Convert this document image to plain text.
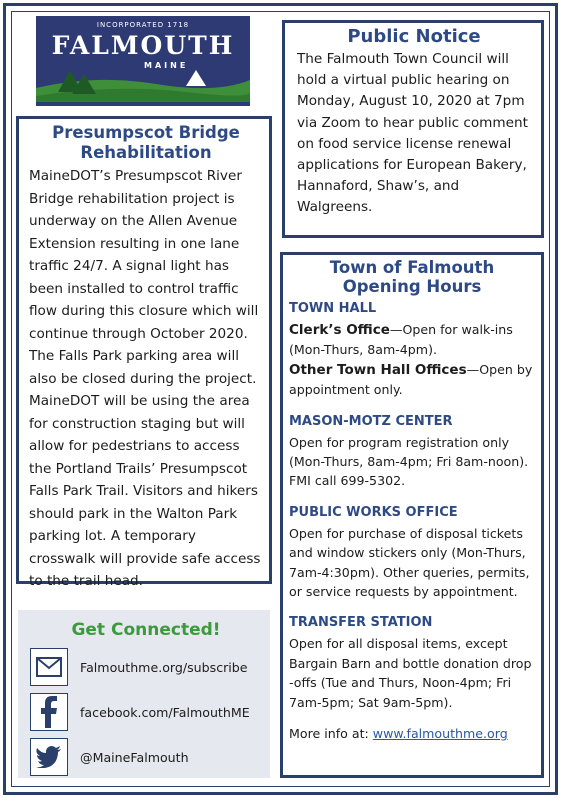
INCORPORATED 1718
FALMOUTH
MAINE
Public Notice

The Falmouth Town Council will hold a virtual public hearing on Monday, August 10, 2020 at 7pm via Zoom to hear public comment on food service license renewal applications for European Bakery, Hannaford, Shaw’s, and Walgreens.

Presumpscot Bridge Rehabilitation

MaineDOT’s Presumpscot River Bridge rehabilitation project is underway on the Allen Avenue Extension resulting in one lane traffic 24/7. A signal light has been installed to control traffic flow during this closure which will continue through October 2020. The Falls Park parking area will also be closed during the project. MaineDOT will be using the area for construction staging but will allow for pedestrians to access the Portland Trails’ Presumpscot Falls Park Trail. Visitors and hikers should park in the Walton Park parking lot. A temporary crosswalk will provide safe access to the trail head.

Town of Falmouth
Opening Hours
TOWN HALL
Clerk’s Office—Open for walk-ins (Mon-Thurs, 8am-4pm).
Other Town Hall Offices—Open by appointment only.
MASON-MOTZ CENTER
Open for program registration only (Mon-Thurs, 8am-4pm; Fri 8am-noon). FMI call 699-5302.
PUBLIC WORKS OFFICE
Open for purchase of disposal tickets and window stickers only (Mon-Thurs, 7am-4:30pm). Other queries, permits, or service requests by appointment.
TRANSFER STATION
Open for all disposal items, except Bargain Barn and bottle donation drop -offs (Tue and Thurs, Noon-4pm; Fri 7am-5pm; Sat 9am-5pm).
More info at: www.falmouthme.org
Get Connected!
Falmouthme.org/subscribe
facebook.com/FalmouthME
@MaineFalmouth
